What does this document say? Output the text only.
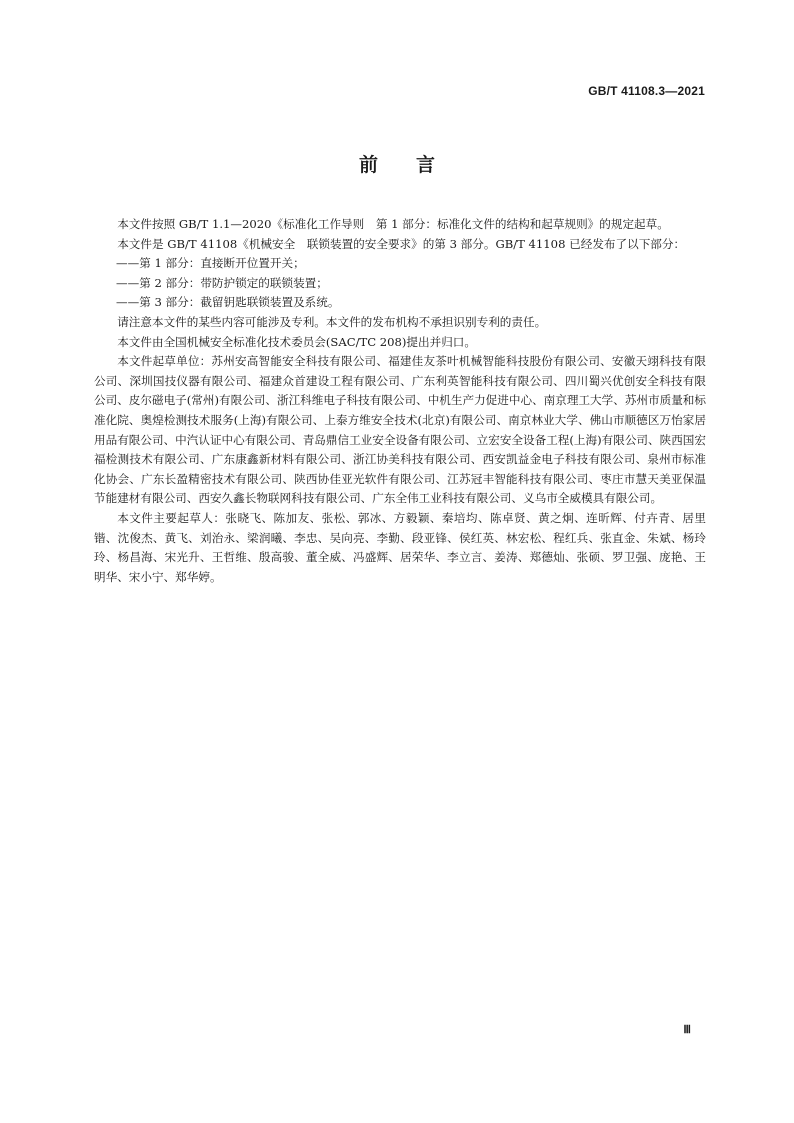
GB/T 41108.3—2021
前 言

本文件按照 GB/T 1.1—2020《标准化工作导则　第 1 部分：标准化文件的结构和起草规则》的规定起草。

本文件是 GB/T 41108《机械安全　联锁装置的安全要求》的第 3 部分。GB/T 41108 已经发布了以下部分：

——第 1 部分：直接断开位置开关；

——第 2 部分：带防护锁定的联锁装置；

——第 3 部分：截留钥匙联锁装置及系统。

请注意本文件的某些内容可能涉及专利。本文件的发布机构不承担识别专利的责任。

本文件由全国机械安全标准化技术委员会(SAC/TC 208)提出并归口。

本文件起草单位：苏州安高智能安全科技有限公司、福建佳友茶叶机械智能科技股份有限公司、安徽天翊科技有限公司、深圳国技仪器有限公司、福建众首建设工程有限公司、广东利英智能科技有限公司、四川蜀兴优创安全科技有限公司、皮尔磁电子(常州)有限公司、浙江科维电子科技有限公司、中机生产力促进中心、南京理工大学、苏州市质量和标准化院、奥煌检测技术服务(上海)有限公司、上泰方维安全技术(北京)有限公司、南京林业大学、佛山市顺德区万怡家居用品有限公司、中汽认证中心有限公司、青岛鼎信工业安全设备有限公司、立宏安全设备工程(上海)有限公司、陕西国宏福检测技术有限公司、广东康鑫新材料有限公司、浙江协美科技有限公司、西安凯益金电子科技有限公司、泉州市标准化协会、广东长盈精密技术有限公司、陕西协佳亚光软件有限公司、江苏冠丰智能科技有限公司、枣庄市慧天美亚保温节能建材有限公司、西安久鑫长物联网科技有限公司、广东全伟工业科技有限公司、义乌市全威模具有限公司。

本文件主要起草人：张晓飞、陈加友、张松、郭冰、方毅颖、秦培均、陈卓贤、黄之炯、连昕辉、付卉青、居里锴、沈俊杰、黄飞、刘治永、梁润曦、李忠、吴向亮、李勤、段亚锋、侯红英、林宏松、程红兵、张直金、朱斌、杨玲玲、杨昌海、宋光升、王哲维、殷高骏、董全威、冯盛辉、居荣华、李立言、姜涛、郑德灿、张硕、罗卫强、庞艳、王明华、宋小宁、郑华婷。

Ⅲ
